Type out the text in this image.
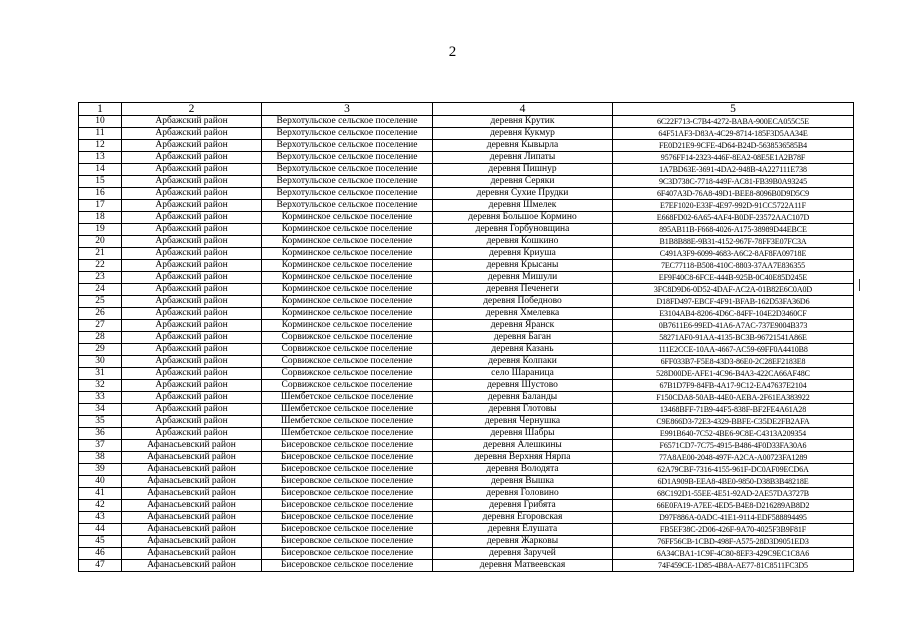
2
1	2	3	4	5
10	Арбажский район	Верхотульское сельское поселение	деревня Крутик	6C22F713-C7B4-4272-BABA-900ECA055C5E
11	Арбажский район	Верхотульское сельское поселение	деревня Кукмур	64F51AF3-D83A-4C29-8714-185F3D5AA34E
12	Арбажский район	Верхотульское сельское поселение	деревня Кывырла	FE0D21E9-9CFE-4D64-B24D-5638536585B4
13	Арбажский район	Верхотульское сельское поселение	деревня Липаты	9576FF14-2323-446F-8EA2-08E5E1A2B78F
14	Арбажский район	Верхотульское сельское поселение	деревня Пишнур	1A7BD63E-3691-4DA2-948B-4A227111E738
15	Арбажский район	Верхотульское сельское поселение	деревня Серяки	9C3D738C-7718-449F-AC81-FB39B0A93245
16	Арбажский район	Верхотульское сельское поселение	деревня Сухие Прудки	6F407A3D-76A8-49D1-BEE8-8096B0D9D5C9
17	Арбажский район	Верхотульское сельское поселение	деревня Шмелек	E7EF1020-E33F-4E97-992D-91CC5722A11F
18	Арбажский район	Корминское сельское поселение	деревня Большое Кормино	E668FD02-6A65-4AF4-B0DF-23572AAC107D
19	Арбажский район	Корминское сельское поселение	деревня Горбуновщина	895AB11B-F668-4026-A175-38989D44EBCE
20	Арбажский район	Корминское сельское поселение	деревня Кошкино	B1B8B88E-9B31-4152-967F-78FF3E07FC3A
21	Арбажский район	Корминское сельское поселение	деревня Криуша	C491A3F9-6099-4683-A6C2-8AF8FA09718E
22	Арбажский район	Корминское сельское поселение	деревня Крысаны	7EC77118-B508-410C-8803-37AA7E836355
23	Арбажский район	Корминское сельское поселение	деревня Мишули	EF9F40C8-6FCE-444B-925B-0C40E85D245E
24	Арбажский район	Корминское сельское поселение	деревня Печенеги	3FC8D9D6-0D52-4DAF-AC2A-01B82E6C0A0D
25	Арбажский район	Корминское сельское поселение	деревня Победново	D18FD497-EBCF-4F91-BFAB-162D53FA36D6
26	Арбажский район	Корминское сельское поселение	деревня Хмелевка	E3104AB4-8206-4D6C-84FF-104E2D3460CF
27	Арбажский район	Корминское сельское поселение	деревня Яранск	0B7611E6-99ED-41A6-A7AC-737E9004B373
28	Арбажский район	Сорвижское сельское поселение	деревня Баган	58271AF0-91AA-4135-BC3B-96721541A86E
29	Арбажский район	Сорвижское сельское поселение	деревня Казань	111E2CCE-10AA-4667-AC59-69FF0A4410B8
30	Арбажский район	Сорвижское сельское поселение	деревня Колпаки	6FF033B7-F5E8-43D3-86E0-2C28EF2183E8
31	Арбажский район	Сорвижское сельское поселение	село Шараница	528D00DE-AFE1-4C96-B4A3-422CA66AF48C
32	Арбажский район	Сорвижское сельское поселение	деревня Шустово	67B1D7F9-84FB-4A17-9C12-EA47637E2104
33	Арбажский район	Шембетское сельское поселение	деревня Баланды	F150CDA8-50AB-44E0-AEBA-2F61EA383922
34	Арбажский район	Шембетское сельское поселение	деревня Глотовы	13468BFF-71B9-44F5-838F-BF2FE4A61A28
35	Арбажский район	Шембетское сельское поселение	деревня Чернушка	C9E866D3-72E3-4329-BBFE-C35DE2FB2AFA
36	Арбажский район	Шембетское сельское поселение	деревня Шабры	E991B640-7C52-4BE6-9C8E-C4313A209354
37	Афанасьевский район	Бисеровское сельское поселение	деревня Алешкины	F6571CD7-7C75-4915-B486-4F0D33FA30A6
38	Афанасьевский район	Бисеровское сельское поселение	деревня Верхняя Нярпа	77A8AE00-2048-497F-A2CA-A00723FA1289
39	Афанасьевский район	Бисеровское сельское поселение	деревня Володята	62A79CBF-7316-4155-961F-DC0AF09ECD6A
40	Афанасьевский район	Бисеровское сельское поселение	деревня Вышка	6D1A909B-EEA8-4BE0-9850-D38B3B48218E
41	Афанасьевский район	Бисеровское сельское поселение	деревня Головино	68C192D1-55EE-4E51-92AD-2AE57DA3727B
42	Афанасьевский район	Бисеровское сельское поселение	деревня Грибята	66E0FA19-A7EE-4ED5-B4E8-D216289AB8D2
43	Афанасьевский район	Бисеровское сельское поселение	деревня Егоровская	D97F886A-0ADC-41E1-9114-EDF588894495
44	Афанасьевский район	Бисеровское сельское поселение	деревня Елушата	FB5EF38C-2D06-426F-9A70-4025F3B9F81F
45	Афанасьевский район	Бисеровское сельское поселение	деревня Жарковы	76FF56CB-1CBD-498F-A575-28D3D9051ED3
46	Афанасьевский район	Бисеровское сельское поселение	деревня Заручей	6A34CBA1-1C9F-4C80-8EF3-429C9EC1C8A6
47	Афанасьевский район	Бисеровское сельское поселение	деревня Матвеевская	74F459CE-1D85-4B8A-AE77-81C8511FC3D5
